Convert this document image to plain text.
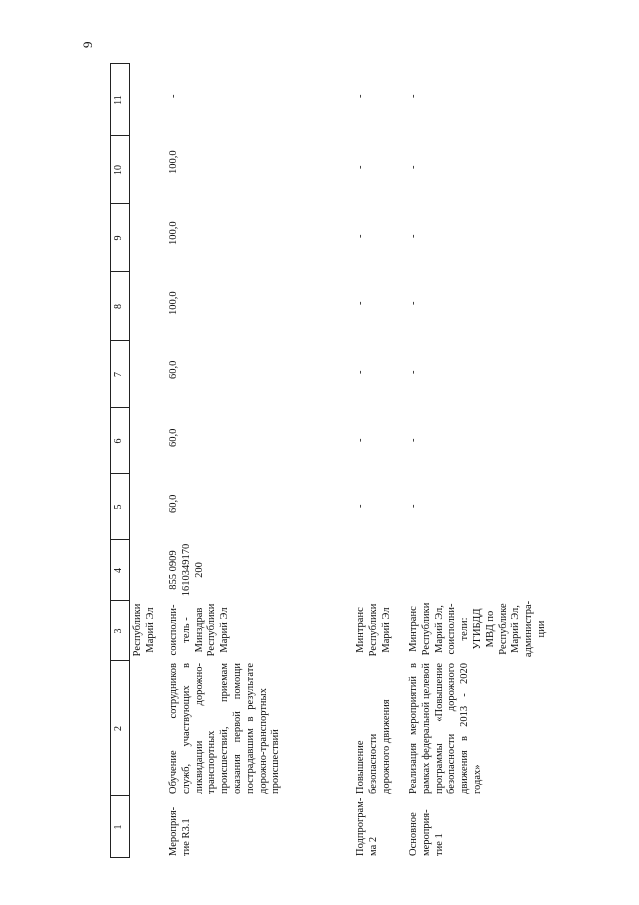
9
1
2
3
4
5
6
7
8
9
10
11
Республики
Марий Эл
Мероприя-
тие R3.1
Обучение сотрудников служб, участвующих в ликвидации дорожно-транспортных происшествий, приемам оказания первой помощи пострадавшим в результате дорожно-транспортных происшествий
соисполни-
тель -
Минздрав
Республики
Марий Эл
855 0909
1610349170
200
60,0
60,0
60,0
100,0
100,0
100,0
-
Подпрограм-
ма 2
Повышение
безопасности
дорожного движения
Минтранс
Республики
Марий Эл
-
-
-
-
-
-
-
Основное
мероприя-
тие 1
Реализация мероприятий в рамках федеральной целевой программы «Повышение безопасности дорожного движения в 2013 - 2020 годах»
Минтранс
Республики
Марий Эл,
соисполни-
тели:
УГИБДД
МВД по
Республике
Марий Эл,
администра-
ции
-
-
-
-
-
-
-
